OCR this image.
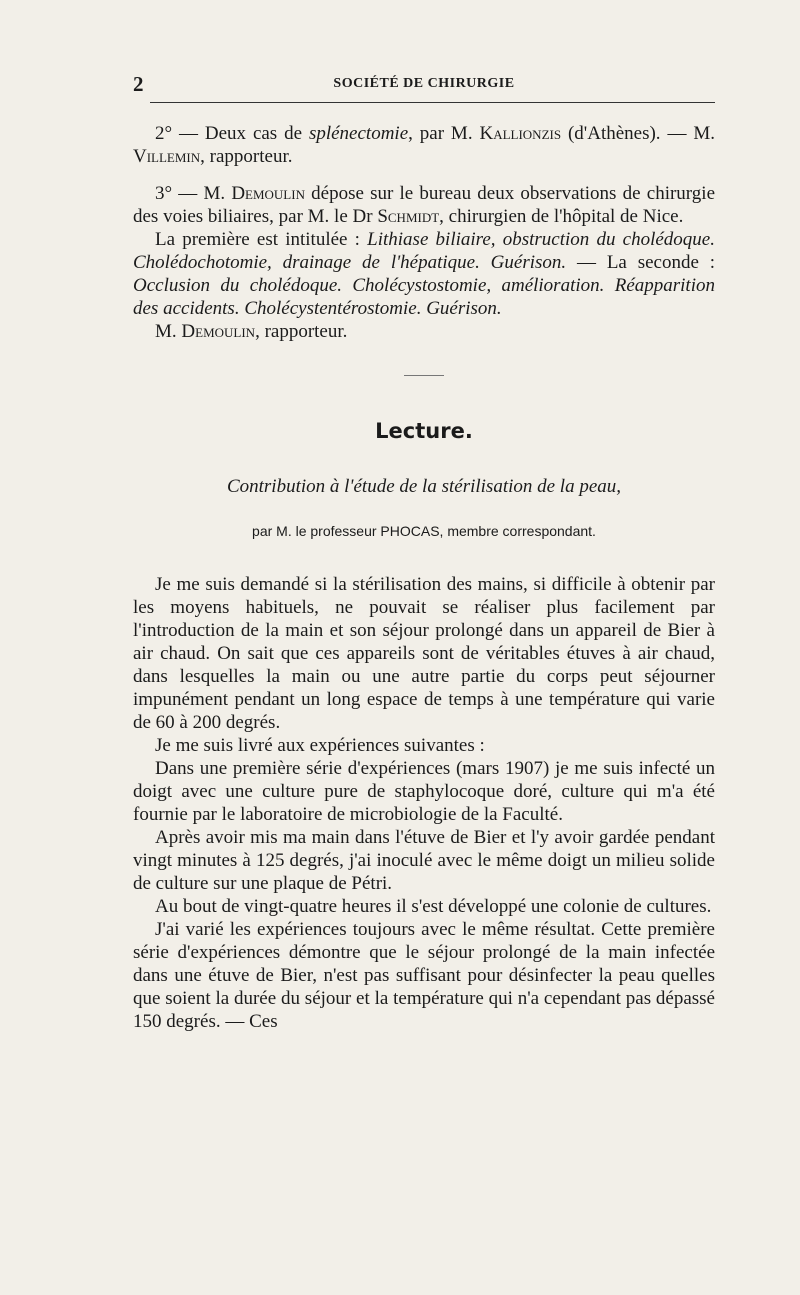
2	SOCIÉTÉ DE CHIRURGIE

2° — Deux cas de splénectomie, par M. Kallionzis (d'Athènes). — M. Villemin, rapporteur.

3° — M. Demoulin dépose sur le bureau deux observations de chirurgie des voies biliaires, par M. le Dr Schmidt, chirurgien de l'hôpital de Nice.

La première est intitulée : Lithiase biliaire, obstruction du cholédoque. Cholédochotomie, drainage de l'hépatique. Guérison. — La seconde : Occlusion du cholédoque. Cholécystostomie, amélioration. Réapparition des accidents. Cholécystentérostomie. Guérison.

M. Demoulin, rapporteur.

Lecture.
Contribution à l'étude de la stérilisation de la peau,
par M. le professeur PHOCAS, membre correspondant.

Je me suis demandé si la stérilisation des mains, si difficile à obtenir par les moyens habituels, ne pouvait se réaliser plus facilement par l'introduction de la main et son séjour prolongé dans un appareil de Bier à air chaud. On sait que ces appareils sont de véritables étuves à air chaud, dans lesquelles la main ou une autre partie du corps peut séjourner impunément pendant un long espace de temps à une température qui varie de 60 à 200 degrés.

Je me suis livré aux expériences suivantes :

Dans une première série d'expériences (mars 1907) je me suis infecté un doigt avec une culture pure de staphylocoque doré, culture qui m'a été fournie par le laboratoire de microbiologie de la Faculté.

Après avoir mis ma main dans l'étuve de Bier et l'y avoir gardée pendant vingt minutes à 125 degrés, j'ai inoculé avec le même doigt un milieu solide de culture sur une plaque de Pétri.

Au bout de vingt-quatre heures il s'est développé une colonie de cultures.

J'ai varié les expériences toujours avec le même résultat. Cette première série d'expériences démontre que le séjour prolongé de la main infectée dans une étuve de Bier, n'est pas suffisant pour désinfecter la peau quelles que soient la durée du séjour et la température qui n'a cependant pas dépassé 150 degrés. — Ces
